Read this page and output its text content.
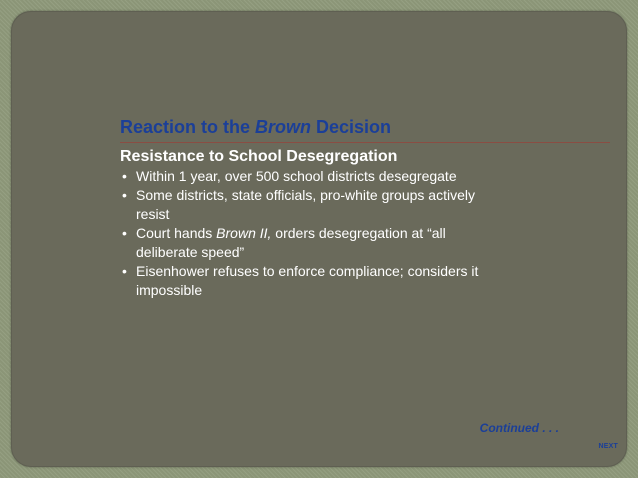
Reaction to the Brown Decision
Resistance to School Desegregation
• Within 1 year, over 500 school districts desegregate
• Some districts, state officials, pro-white groups actively resist
• Court hands Brown II, orders desegregation at “all deliberate speed”
• Eisenhower refuses to enforce compliance; considers it impossible
Continued . . .
NEXT
